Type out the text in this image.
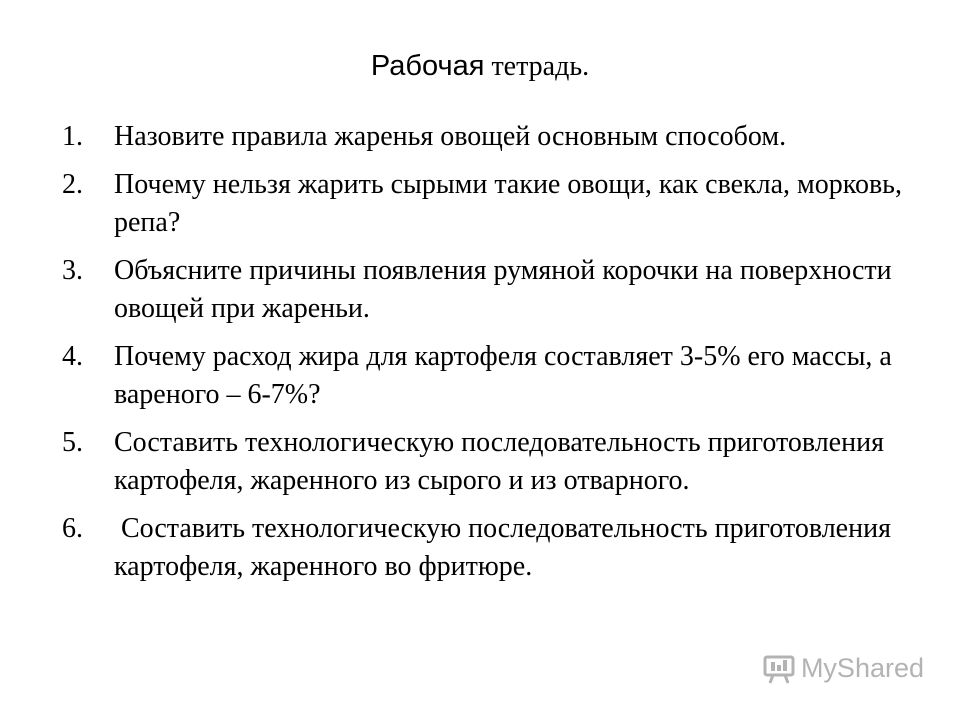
Рабочая тетрадь.
1. Назовите правила жаренья овощей основным способом.
2. Почему нельзя жарить сырыми такие овощи, как свекла, морковь, репа?
3. Объясните причины появления румяной корочки на поверхности овощей при жареньи.
4. Почему расход жира для картофеля составляет 3-5% его массы, а вареного – 6-7%?
5. Составить технологическую последовательность приготовления картофеля, жаренного из сырого и из отварного.
6. Составить технологическую последовательность приготовления картофеля, жаренного во фритюре.
MyShared
